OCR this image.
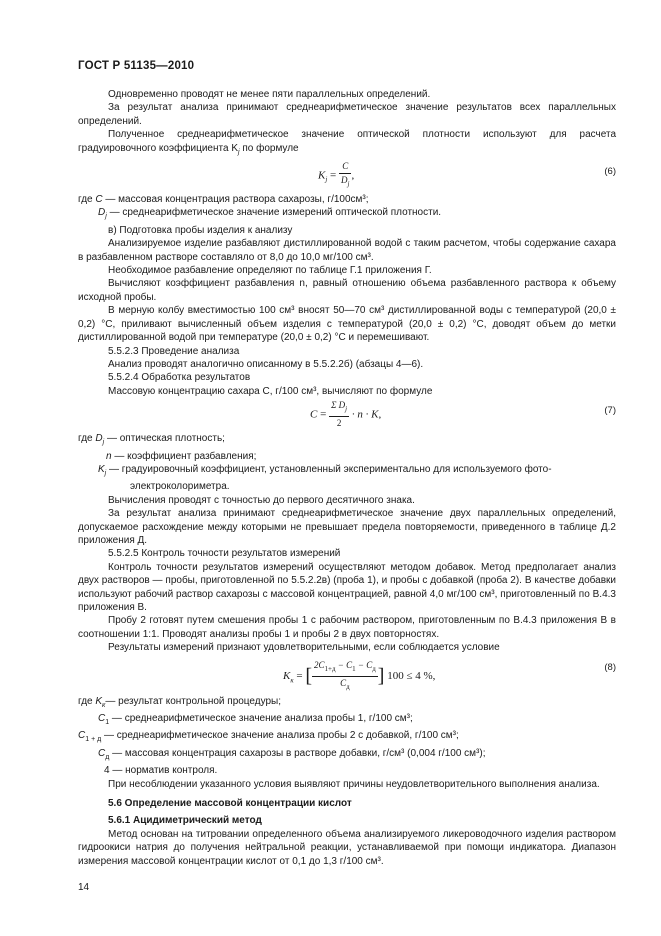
ГОСТ Р 51135—2010

Одновременно проводят не менее пяти параллельных определений.

За результат анализа принимают среднеарифметическое значение результатов всех параллельных определений.

Полученное среднеарифметическое значение оптической плотности используют для расчета градуировочного коэффициента $K_j$ по формуле

$K_j = \frac{C}{D_j}$ ,	(6)

где C — массовая концентрация раствора сахарозы, г/100см³;

$D_j$ — среднеарифметическое значение измерений оптической плотности.

в) Подготовка пробы изделия к анализу

Анализируемое изделие разбавляют дистиллированной водой с таким расчетом, чтобы содержание сахара в разбавленном растворе составляло от 8,0 до 10,0 мг/100 см³.

Необходимое разбавление определяют по таблице Г.1 приложения Г.

Вычисляют коэффициент разбавления n, равный отношению объема разбавленного раствора к объему исходной пробы.

В мерную колбу вместимостью 100 см³ вносят 50—70 см³ дистиллированной воды с температурой (20,0 ± 0,2) °С, приливают вычисленный объем изделия с температурой (20,0 ± 0,2) °С, доводят объем до метки дистиллированной водой при температуре (20,0 ± 0,2) °С и перемешивают.

5.5.2.3 Проведение анализа

Анализ проводят аналогично описанному в 5.5.2.2б) (абзацы 4—6).

5.5.2.4 Обработка результатов

Массовую концентрацию сахара С, г/100 см³, вычисляют по формуле

$C = \frac{\Sigma D_j}{2} \cdot n \cdot K$,	(7)

где $D_j$ — оптическая плотность;

n — коэффициент разбавления;

$K_j$ — градуировочный коэффициент, установленный экспериментально для используемого фото-

электроколориметра.

Вычисления проводят с точностью до первого десятичного знака.

За результат анализа принимают среднеарифметическое значение двух параллельных определений, допускаемое расхождение между которыми не превышает предела повторяемости, приведенного в таблице Д.2 приложения Д.

5.5.2.5 Контроль точности результатов измерений

Контроль точности результатов измерений осуществляют методом добавок. Метод предполагает анализ двух растворов — пробы, приготовленной по 5.5.2.2в) (проба 1), и пробы с добавкой (проба 2). В качестве добавки используют рабочий раствор сахарозы с массовой концентрацией, равной 4,0 мг/100 см³, приготовленный по В.4.3 приложения В.

Пробу 2 готовят путем смешения пробы 1 с рабочим раствором, приготовленным по В.4.3 приложения В в соотношении 1:1. Проводят анализы пробы 1 и пробы 2 в двух повторностях.

Результаты измерений признают удовлетворительными, если соблюдается условие

$K_к$ = [ $\frac{2C_{1+д} - C_1 - C_д}{C_д}$ ] 100 ≤ 4 %,
(8)

где $K_к—$ результат контрольной процедуры;

$C_1$ — среднеарифметическое значение анализа пробы 1, г/100 см³;

$C_{1 + д}$ — среднеарифметическое значение анализа пробы 2 с добавкой, г/100 см³;

$C_д$ — массовая концентрация сахарозы в растворе добавки, г/см³ (0,004 г/100 см³);

4 — норматив контроля.

При несоблюдении указанного условия выявляют причины неудовлетворительного выполнения анализа.

5.6 Определение массовой концентрации кислот

5.6.1 Ацидиметрический метод

Метод основан на титровании определенного объема анализируемого ликероводочного изделия раствором гидроокиси натрия до получения нейтральной реакции, устанавливаемой при помощи индикатора. Диапазон измерения массовой концентрации кислот от 0,1 до 1,3 г/100 см³.

14
